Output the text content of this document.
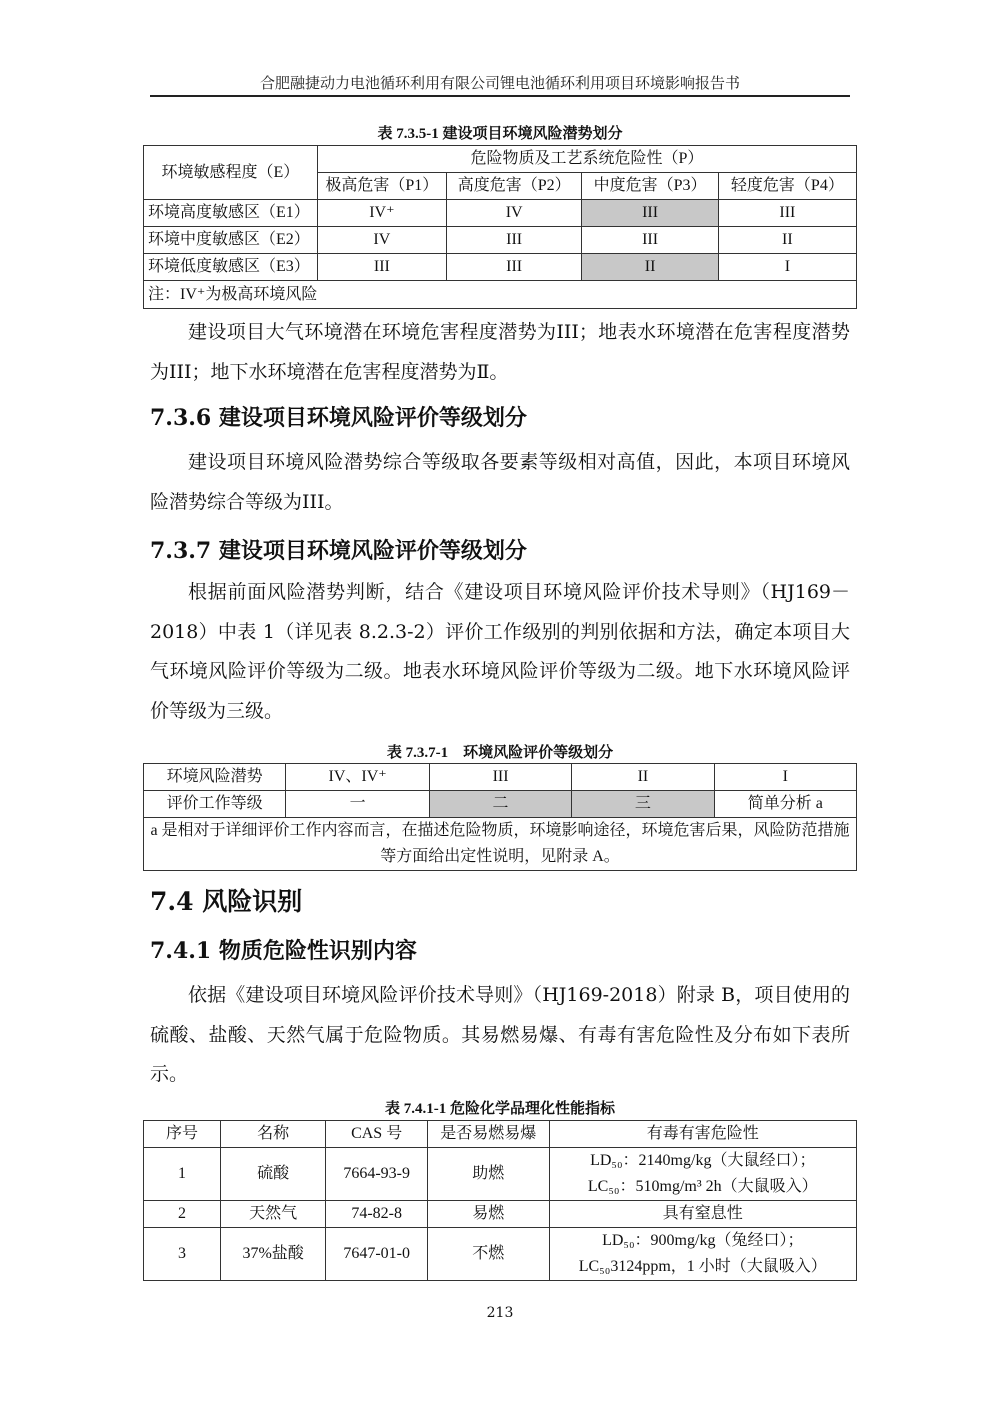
合肥融捷动力电池循环利用有限公司锂电池循环利用项目环境影响报告书
表 7.3.5-1 建设项目环境风险潜势划分
环境敏感程度（E）	危险物质及工艺系统危险性（P）			
	极高危害（P1）	高度危害（P2）	中度危害（P3）	轻度危害（P4）
环境高度敏感区（E1）	IV⁺	IV	III	III
环境中度敏感区（E2）	IV	III	III	II
环境低度敏感区（E3）	III	III	II	I
注：IV⁺为极高环境风险				
建设项目大气环境潜在环境危害程度潜势为III；地表水环境潜在危害程度潜势为III；地下水环境潜在危害程度潜势为Ⅱ。
7.3.6 建设项目环境风险评价等级划分
建设项目环境风险潜势综合等级取各要素等级相对高值，因此，本项目环境风险潜势综合等级为III。
7.3.7 建设项目环境风险评价等级划分
根据前面风险潜势判断，结合《建设项目环境风险评价技术导则》（HJ169－2018）中表 1（详见表 8.2.3-2）评价工作级别的判别依据和方法，确定本项目大气环境风险评价等级为二级。地表水环境风险评价等级为二级。地下水环境风险评价等级为三级。
表 7.3.7-1　环境风险评价等级划分
环境风险潜势	IV、IV⁺	III	II	I
评价工作等级	一	二	三	简单分析 a
a 是相对于详细评价工作内容而言，在描述危险物质，环境影响途径，环境危害后果，风险防范措施等方面给出定性说明，见附录 A。				
7.4 风险识别
7.4.1 物质危险性识别内容
依据《建设项目环境风险评价技术导则》（HJ169-2018）附录 B，项目使用的硫酸、盐酸、天然气属于危险物质。其易燃易爆、有毒有害危险性及分布如下表所示。
表 7.4.1-1 危险化学品理化性能指标
序号	名称	CAS 号	是否易燃易爆	有毒有害危险性
1	硫酸	7664-93-9	助燃	LD₅₀：2140mg/kg（大鼠经口）；
LC₅₀：510mg/m³ 2h（大鼠吸入）

2	天然气	74-82-8	易燃	具有窒息性

3	37%盐酸	7647-01-0	不燃	LD₅₀：900mg/kg（兔经口）；
LC₅₀3124ppm，1 小时（大鼠吸入）
213
